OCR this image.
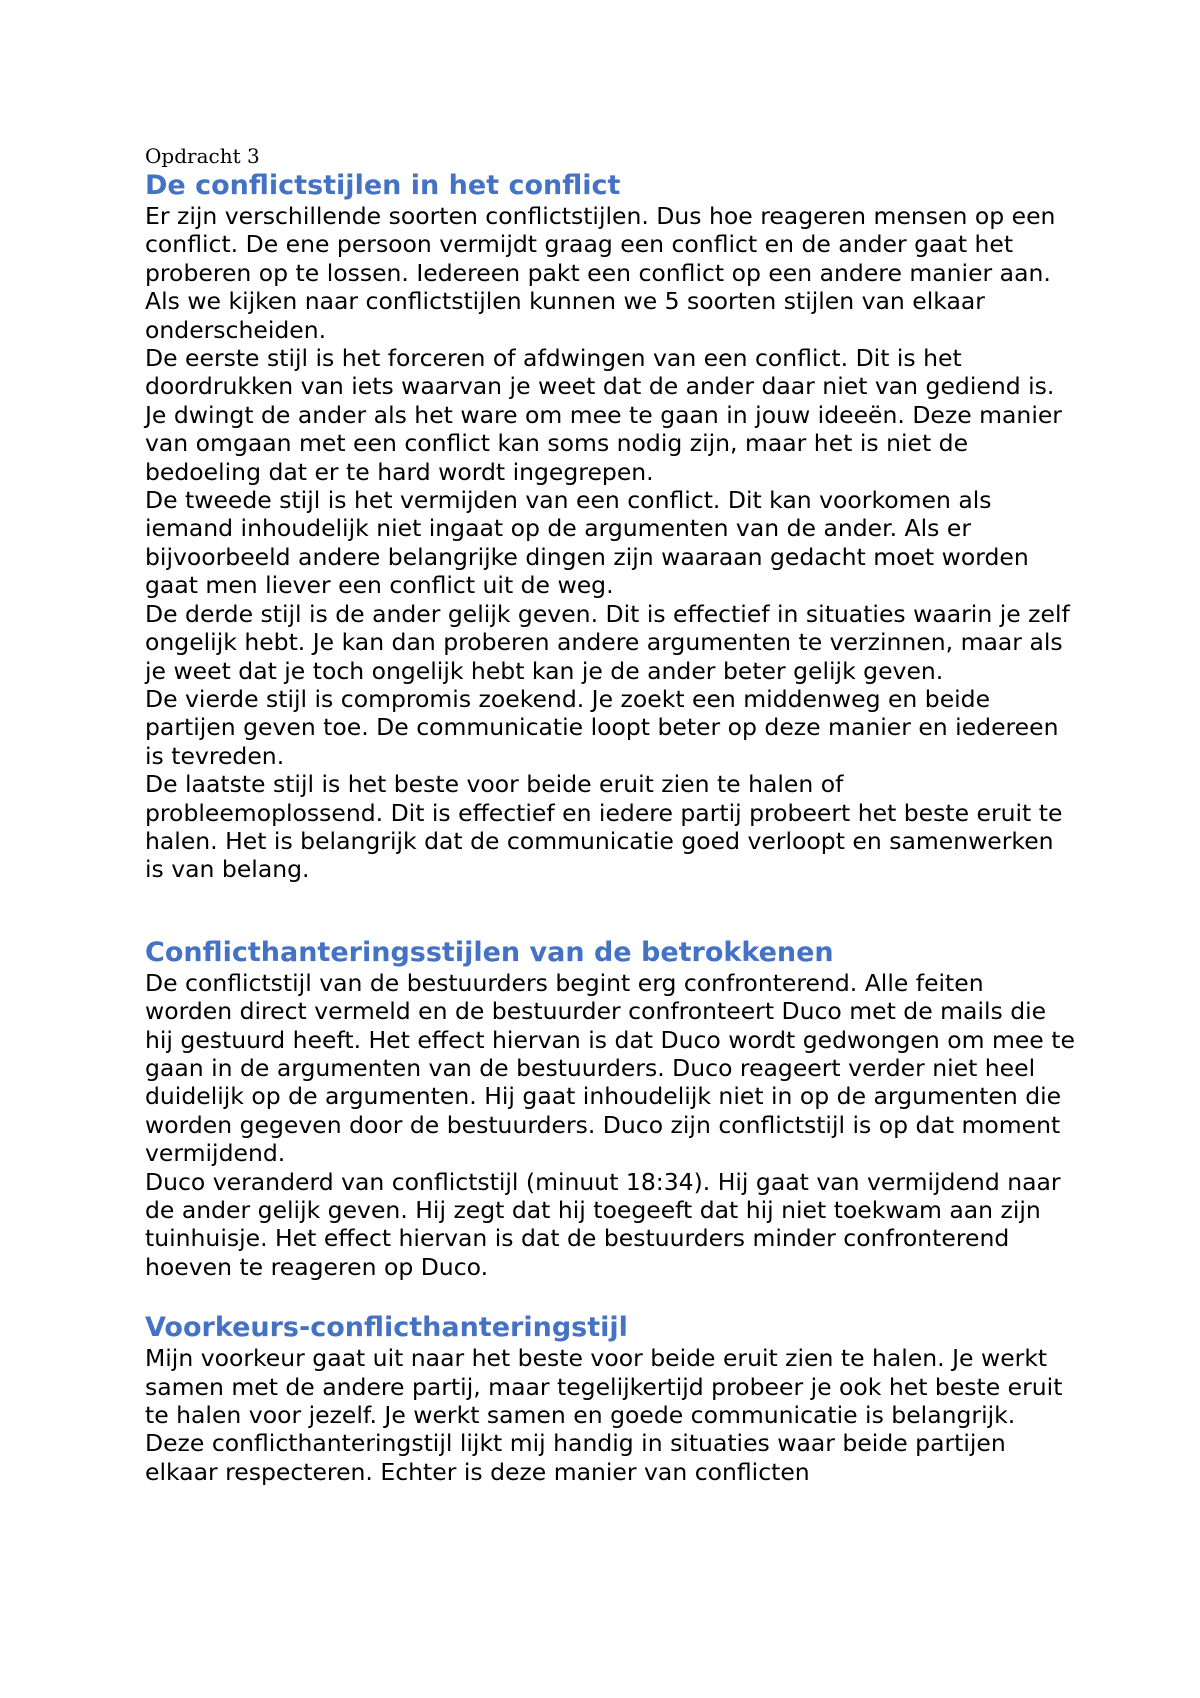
Opdracht 3

De conflictstijlen in het conflict

Er zijn verschillende soorten conflictstijlen. Dus hoe reageren mensen op een conflict. De ene persoon vermijdt graag een conflict en de ander gaat het proberen op te lossen. Iedereen pakt een conflict op een andere manier aan. Als we kijken naar conflictstijlen kunnen we 5 soorten stijlen van elkaar onderscheiden.

De eerste stijl is het forceren of afdwingen van een conflict. Dit is het doordrukken van iets waarvan je weet dat de ander daar niet van gediend is. Je dwingt de ander als het ware om mee te gaan in jouw ideeën. Deze manier van omgaan met een conflict kan soms nodig zijn, maar het is niet de bedoeling dat er te hard wordt ingegrepen.

De tweede stijl is het vermijden van een conflict. Dit kan voorkomen als iemand inhoudelijk niet ingaat op de argumenten van de ander. Als er bijvoorbeeld andere belangrijke dingen zijn waaraan gedacht moet worden gaat men liever een conflict uit de weg.

De derde stijl is de ander gelijk geven. Dit is effectief in situaties waarin je zelf ongelijk hebt. Je kan dan proberen andere argumenten te verzinnen, maar als je weet dat je toch ongelijk hebt kan je de ander beter gelijk geven.

De vierde stijl is compromis zoekend. Je zoekt een middenweg en beide partijen geven toe. De communicatie loopt beter op deze manier en iedereen is tevreden.

De laatste stijl is het beste voor beide eruit zien te halen of probleemoplossend. Dit is effectief en iedere partij probeert het beste eruit te halen. Het is belangrijk dat de communicatie goed verloopt en samenwerken is van belang.

Conflicthanteringsstijlen van de betrokkenen

De conflictstijl van de bestuurders begint erg confronterend. Alle feiten worden direct vermeld en de bestuurder confronteert Duco met de mails die hij gestuurd heeft. Het effect hiervan is dat Duco wordt gedwongen om mee te gaan in de argumenten van de bestuurders. Duco reageert verder niet heel duidelijk op de argumenten. Hij gaat inhoudelijk niet in op de argumenten die worden gegeven door de bestuurders. Duco zijn conflictstijl is op dat moment vermijdend.

Duco veranderd van conflictstijl (minuut 18:34). Hij gaat van vermijdend naar de ander gelijk geven. Hij zegt dat hij toegeeft dat hij niet toekwam aan zijn tuinhuisje. Het effect hiervan is dat de bestuurders minder confronterend hoeven te reageren op Duco.

Voorkeurs-conflicthanteringstijl

Mijn voorkeur gaat uit naar het beste voor beide eruit zien te halen. Je werkt samen met de andere partij, maar tegelijkertijd probeer je ook het beste eruit te halen voor jezelf. Je werkt samen en goede communicatie is belangrijk. Deze conflicthanteringstijl lijkt mij handig in situaties waar beide partijen elkaar respecteren. Echter is deze manier van conflicten
